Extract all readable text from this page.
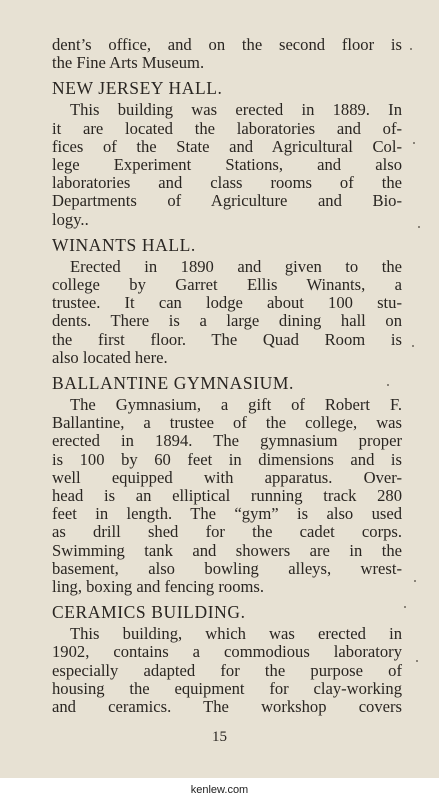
dent’s office, and on the second floor is
the Fine Arts Museum.

NEW JERSEY HALL.

This building was erected in 1889. In
it are located the laboratories and of-
fices of the State and Agricultural Col-
lege Experiment Stations, and also
laboratories and class rooms of the
Departments of Agriculture and Bio-
logy..

WINANTS HALL.

Erected in 1890 and given to the
college by Garret Ellis Winants, a
trustee. It can lodge about 100 stu-
dents. There is a large dining hall on
the first floor. The Quad Room is
also located here.

BALLANTINE GYMNASIUM.

The Gymnasium, a gift of Robert F.
Ballantine, a trustee of the college, was
erected in 1894. The gymnasium proper
is 100 by 60 feet in dimensions and is
well equipped with apparatus. Over-
head is an elliptical running track 280
feet in length. The “gym” is also used
as drill shed for the cadet corps.
Swimming tank and showers are in the
basement, also bowling alleys, wrest-
ling, boxing and fencing rooms.

CERAMICS BUILDING.

This building, which was erected in
1902, contains a commodious laboratory
especially adapted for the purpose of
housing the equipment for clay-working
and ceramics. The workshop covers

15
kenlew.com
